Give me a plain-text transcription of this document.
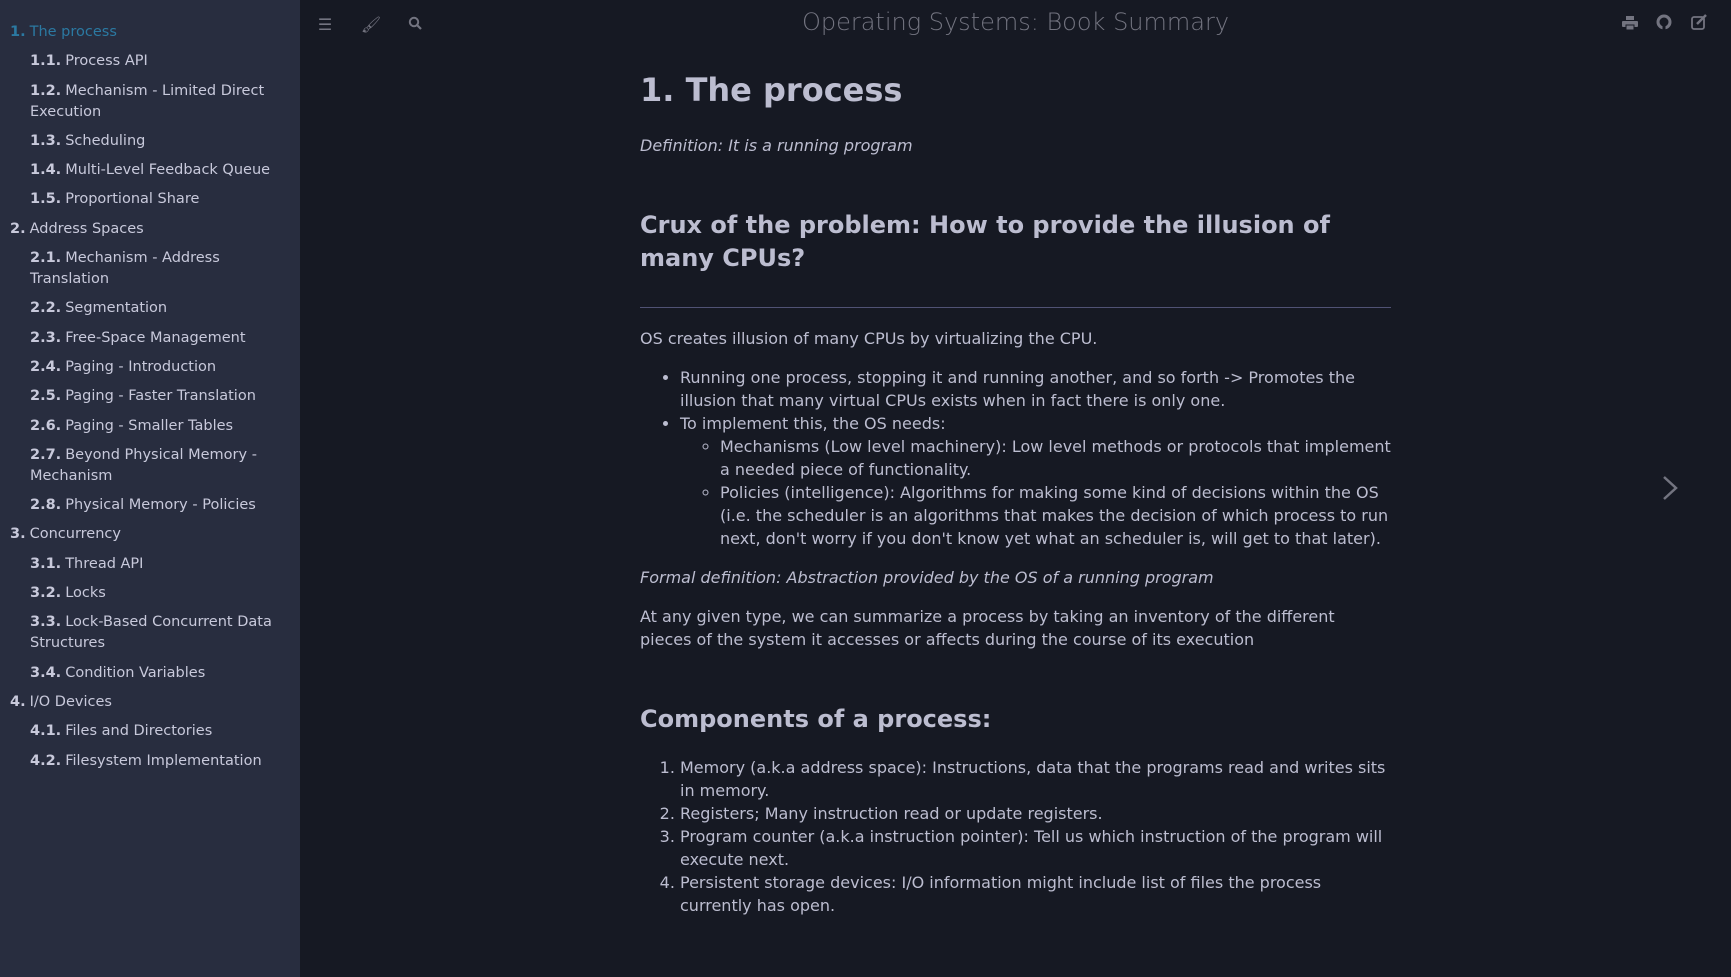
1. The process
1.1. Process API
1.2. Mechanism - Limited Direct Execution
1.3. Scheduling
1.4. Multi-Level Feedback Queue
1.5. Proportional Share
2. Address Spaces
2.1. Mechanism - Address Translation
2.2. Segmentation
2.3. Free-Space Management
2.4. Paging - Introduction
2.5. Paging - Faster Translation
2.6. Paging - Smaller Tables
2.7. Beyond Physical Memory - Mechanism
2.8. Physical Memory - Policies
3. Concurrency
3.1. Thread API
3.2. Locks
3.3. Lock-Based Concurrent Data Structures
3.4. Condition Variables
4. I/O Devices
4.1. Files and Directories
4.2. Filesystem Implementation
☰ 🖌	Operating Systems: Book Summary
1. The process

Definition: It is a running program

Crux of the problem: How to provide the illusion of many CPUs?

OS creates illusion of many CPUs by virtualizing the CPU.

• Running one process, stopping it and running another, and so forth -> Promotes the illusion that many virtual CPUs exists when in fact there is only one.
• To implement this, the OS needs:
◦ Mechanisms (Low level machinery): Low level methods or protocols that implement a needed piece of functionality.
◦ Policies (intelligence): Algorithms for making some kind of decisions within the OS (i.e. the scheduler is an algorithms that makes the decision of which process to run next, don't worry if you don't know yet what an scheduler is, will get to that later).

Formal definition: Abstraction provided by the OS of a running program

At any given type, we can summarize a process by taking an inventory of the different pieces of the system it accesses or affects during the course of its execution

Components of a process:
1. Memory (a.k.a address space): Instructions, data that the programs read and writes sits in memory.
2. Registers; Many instruction read or update registers.
3. Program counter (a.k.a instruction pointer): Tell us which instruction of the program will execute next.
4. Persistent storage devices: I/O information might include list of files the process currently has open.
